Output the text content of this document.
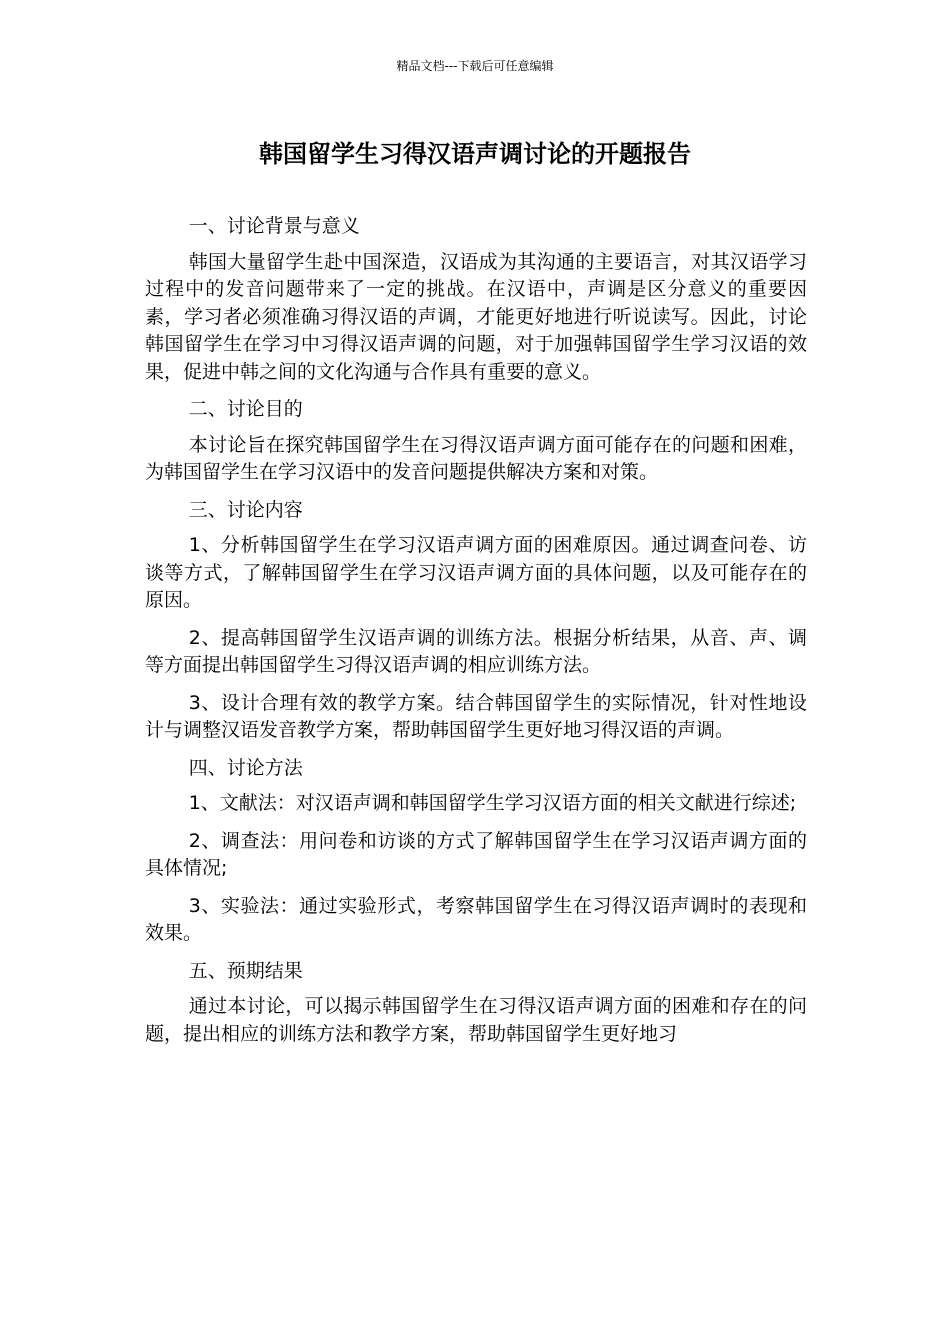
精品文档---下载后可任意编辑
韩国留学生习得汉语声调讨论的开题报告

一、讨论背景与意义

韩国大量留学生赴中国深造，汉语成为其沟通的主要语言，对其汉语学习过程中的发音问题带来了一定的挑战。在汉语中，声调是区分意义的重要因素，学习者必须准确习得汉语的声调，才能更好地进行听说读写。因此，讨论韩国留学生在学习中习得汉语声调的问题，对于加强韩国留学生学习汉语的效果，促进中韩之间的文化沟通与合作具有重要的意义。

二、讨论目的

本讨论旨在探究韩国留学生在习得汉语声调方面可能存在的问题和困难，为韩国留学生在学习汉语中的发音问题提供解决方案和对策。

三、讨论内容

1、分析韩国留学生在学习汉语声调方面的困难原因。通过调查问卷、访谈等方式，了解韩国留学生在学习汉语声调方面的具体问题，以及可能存在的原因。

2、提高韩国留学生汉语声调的训练方法。根据分析结果，从音、声、调等方面提出韩国留学生习得汉语声调的相应训练方法。

3、设计合理有效的教学方案。结合韩国留学生的实际情况，针对性地设计与调整汉语发音教学方案，帮助韩国留学生更好地习得汉语的声调。

四、讨论方法

1、文献法：对汉语声调和韩国留学生学习汉语方面的相关文献进行综述;

2、调查法：用问卷和访谈的方式了解韩国留学生在学习汉语声调方面的具体情况;

3、实验法：通过实验形式，考察韩国留学生在习得汉语声调时的表现和效果。

五、预期结果

通过本讨论，可以揭示韩国留学生在习得汉语声调方面的困难和存在的问题，提出相应的训练方法和教学方案，帮助韩国留学生更好地习
